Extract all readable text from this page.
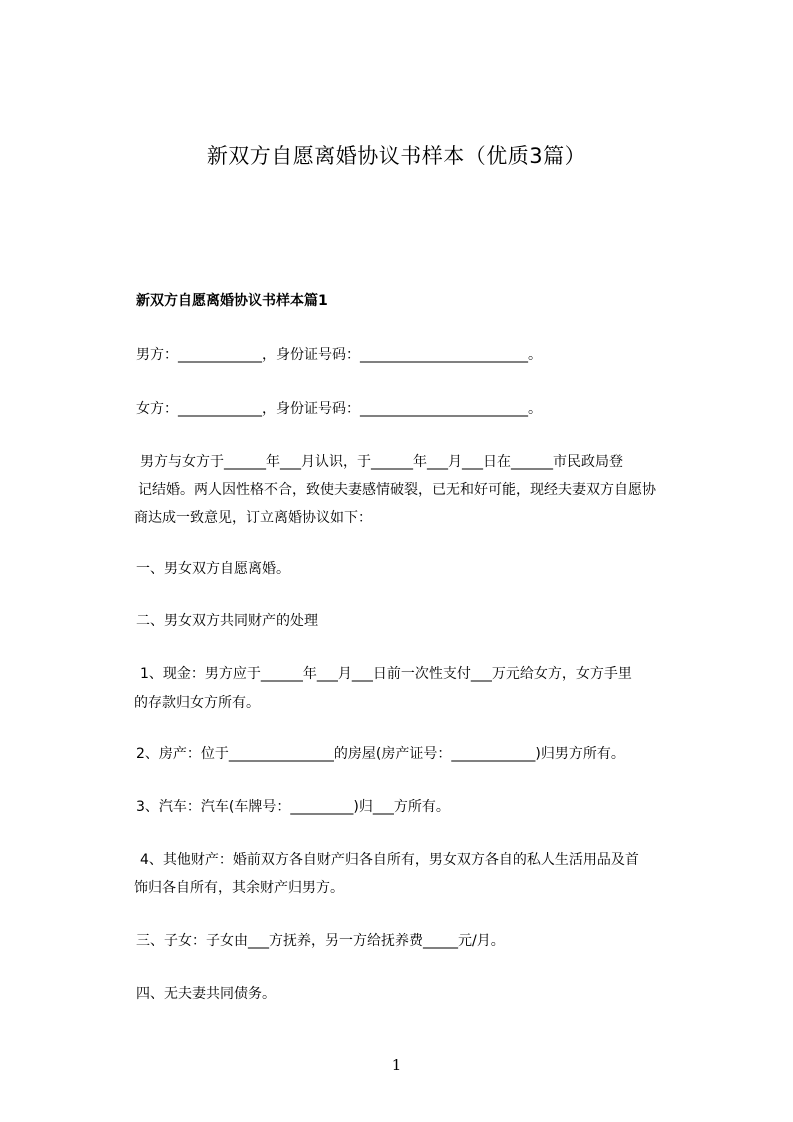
新双方自愿离婚协议书样本（优质3篇）
新双方自愿离婚协议书样本篇1
男方：____________，身份证号码：________________________。
女方：____________，身份证号码：________________________。
男方与女方于______年___月认识，于______年___月___日在______市民政局登
记结婚。两人因性格不合，致使夫妻感情破裂，已无和好可能，现经夫妻双方自愿协
商达成一致意见，订立离婚协议如下：
一、男女双方自愿离婚。
二、男女双方共同财产的处理
1、现金：男方应于______年___月___日前一次性支付___万元给女方，女方手里
的存款归女方所有。
2、房产：位于_______________的房屋(房产证号：____________)归男方所有。
3、汽车：汽车(车牌号：_________)归___方所有。
4、其他财产：婚前双方各自财产归各自所有，男女双方各自的私人生活用品及首
饰归各自所有，其余财产归男方。
三、子女：子女由___方抚养，另一方给抚养费_____元/月。
四、无夫妻共同债务。
1
